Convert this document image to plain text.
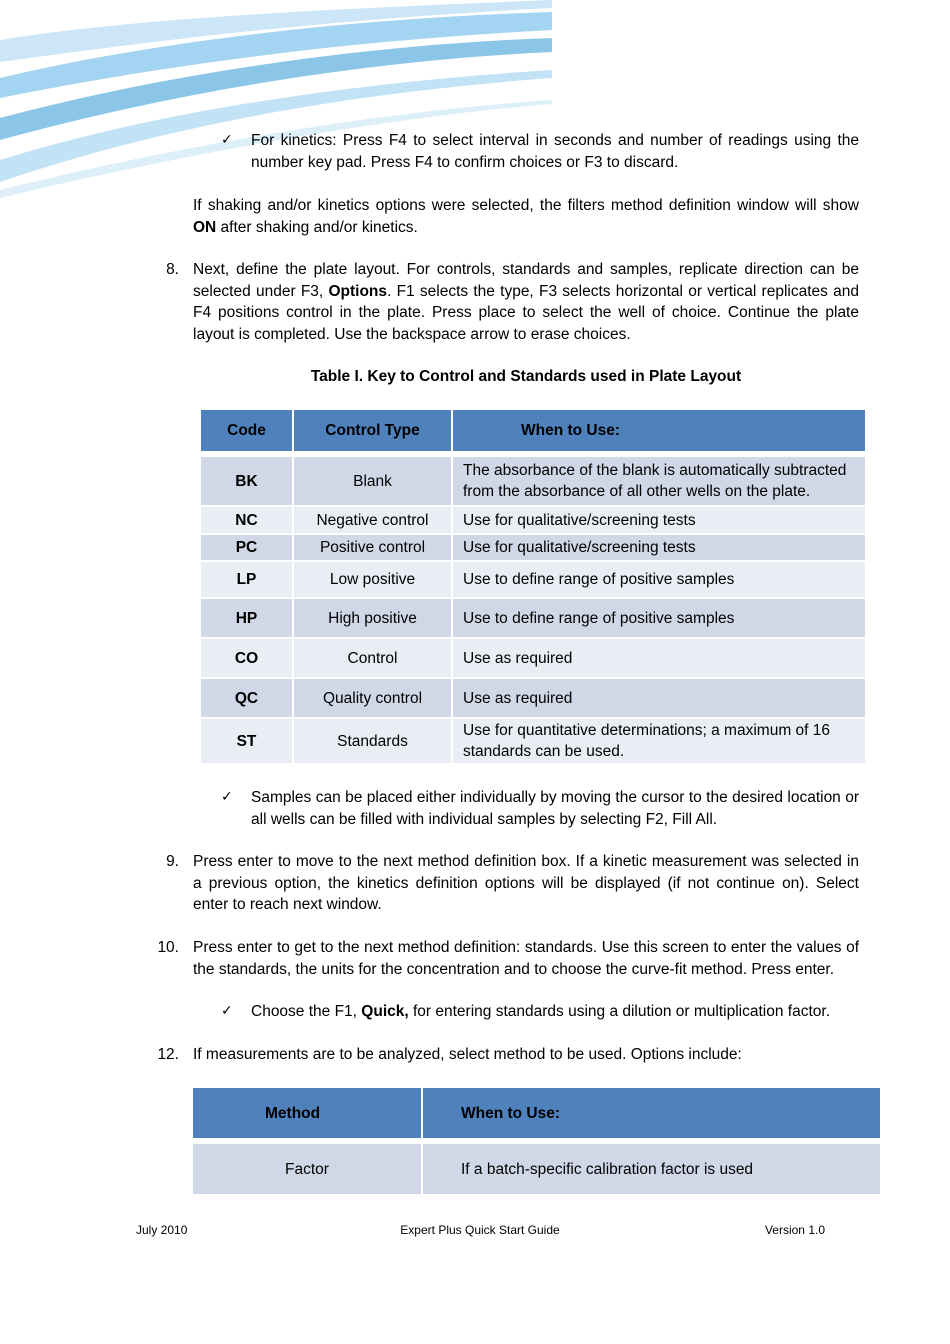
✓ For kinetics: Press F4 to select interval in seconds and number of readings using the number key pad. Press F4 to confirm choices or F3 to discard.
If shaking and/or kinetics options were selected, the filters method definition window will show ON after shaking and/or kinetics.
8. Next, define the plate layout. For controls, standards and samples, replicate direction can be selected under F3, Options. F1 selects the type, F3 selects horizontal or vertical replicates and F4 positions control in the plate. Press place to select the well of choice. Continue the plate layout is completed. Use the backspace arrow to erase choices.
Table I. Key to Control and Standards used in Plate Layout
Code	Control Type	When to Use:

BK	Blank	The absorbance of the blank is automatically subtracted from the absorbance of all other wells on the plate.
NC	Negative control	Use for qualitative/screening tests
PC	Positive control	Use for qualitative/screening tests
LP	Low positive	Use to define range of positive samples
HP	High positive	Use to define range of positive samples
CO	Control	Use as required
QC	Quality control	Use as required
ST	Standards	Use for quantitative determinations; a maximum of 16 standards can be used.
✓ Samples can be placed either individually by moving the cursor to the desired location or all wells can be filled with individual samples by selecting F2, Fill All.
9. Press enter to move to the next method definition box. If a kinetic measurement was selected in a previous option, the kinetics definition options will be displayed (if not continue on). Select enter to reach next window.
10. Press enter to get to the next method definition: standards. Use this screen to enter the values of the standards, the units for the concentration and to choose the curve-fit method. Press enter.
✓ Choose the F1, Quick, for entering standards using a dilution or multiplication factor.
12. If measurements are to be analyzed, select method to be used. Options include:
Method	When to Use:

Factor	If a batch-specific calibration factor is used
July 2010	Expert Plus Quick Start Guide	Version 1.0
